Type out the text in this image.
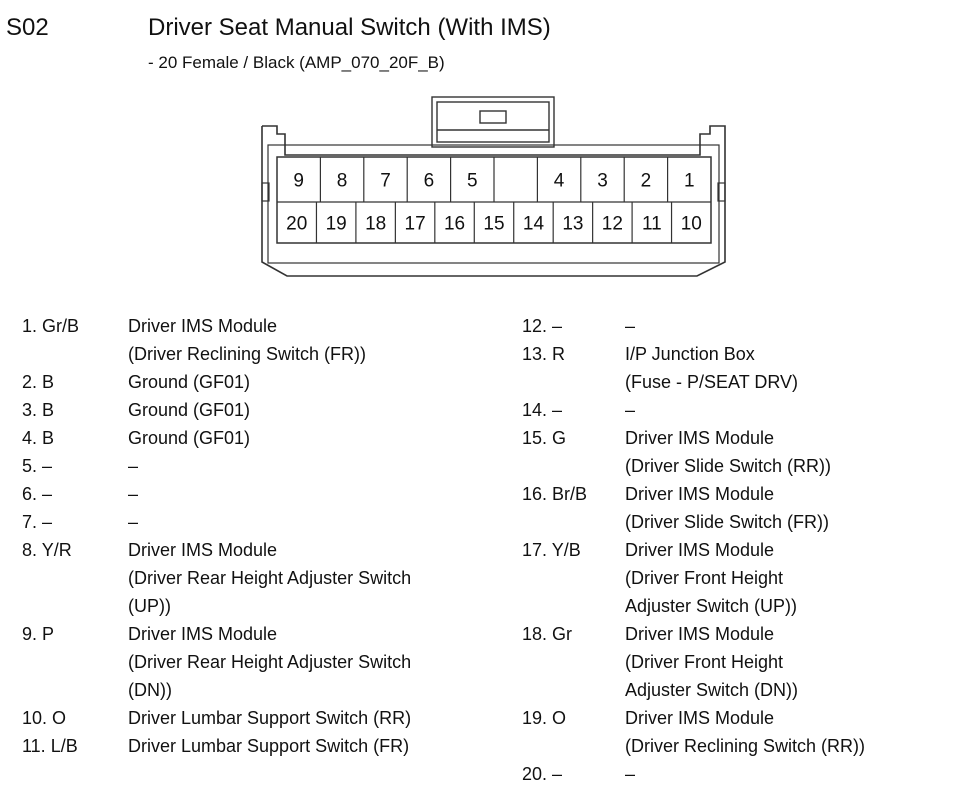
S02	Driver Seat Manual Switch (With IMS)
- 20 Female / Black (AMP_070_20F_B)
9 8 7 6 5	4 3 2 1
20 19 18 17 16 15 14 13 12 11 10
1. Gr/B	Driver IMS Module
(Driver Reclining Switch (FR))
2. B	Ground (GF01)
3. B	Ground (GF01)
4. B	Ground (GF01)
5. –	–
6. –	–
7. –	–
8. Y/R	Driver IMS Module
(Driver Rear Height Adjuster Switch
(UP))
9. P	Driver IMS Module
(Driver Rear Height Adjuster Switch
(DN))
10. O	Driver Lumbar Support Switch (RR)
11. L/B	Driver Lumbar Support Switch (FR)
12. –	–
13. R	I/P Junction Box
(Fuse - P/SEAT DRV)
14. –	–
15. G	Driver IMS Module
(Driver Slide Switch (RR))
16. Br/B	Driver IMS Module
(Driver Slide Switch (FR))
17. Y/B	Driver IMS Module
(Driver Front Height
Adjuster Switch (UP))
18. Gr	Driver IMS Module
(Driver Front Height
Adjuster Switch (DN))
19. O	Driver IMS Module
(Driver Reclining Switch (RR))
20. –	–
